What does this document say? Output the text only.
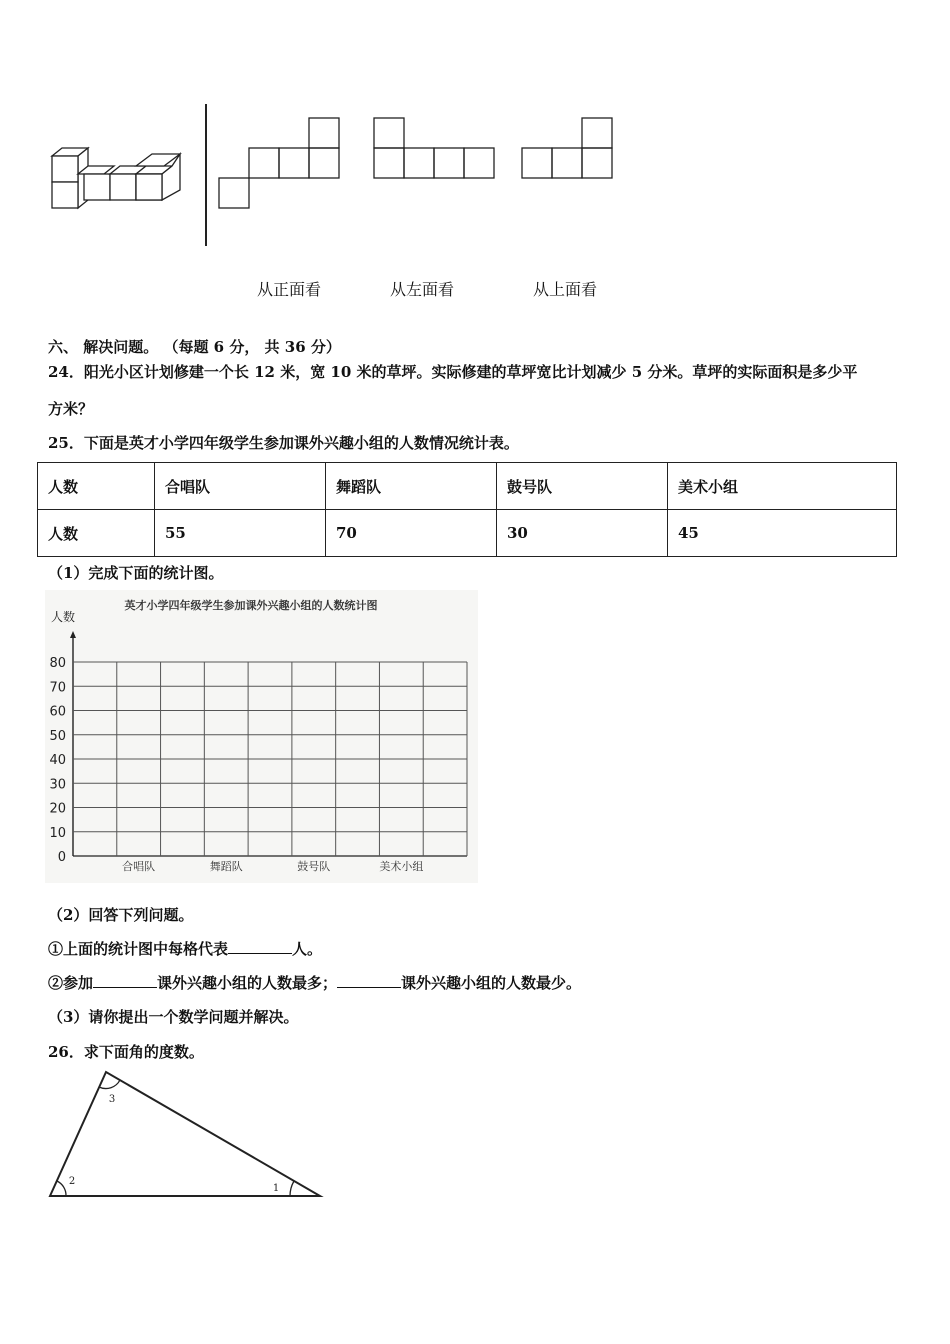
从正面看	从左面看	从上面看
六、 解决问题。 （每题 6 分， 共 36 分）
24．阳光小区计划修建一个长 12 米，宽 10 米的草坪。实际修建的草坪宽比计划减少 5 分米。草坪的实际面积是多少平
方米？
25．下面是英才小学四年级学生参加课外兴趣小组的人数情况统计表。
人数	合唱队	舞蹈队	鼓号队	美术小组
人数	55	70	30	45
（1）完成下面的统计图。
英才小学四年级学生参加课外兴趣小组的人数统计图
人数
0
10
20
30
40
50
60
70
80
合唱队	舞蹈队	鼓号队	美术小组
（2）回答下列问题。
①上面的统计图中每格代表	人。
②参加	课外兴趣小组的人数最多；	课外兴趣小组的人数最少。
（3）请你提出一个数学问题并解决。
26．求下面角的度数。
3
2
1
